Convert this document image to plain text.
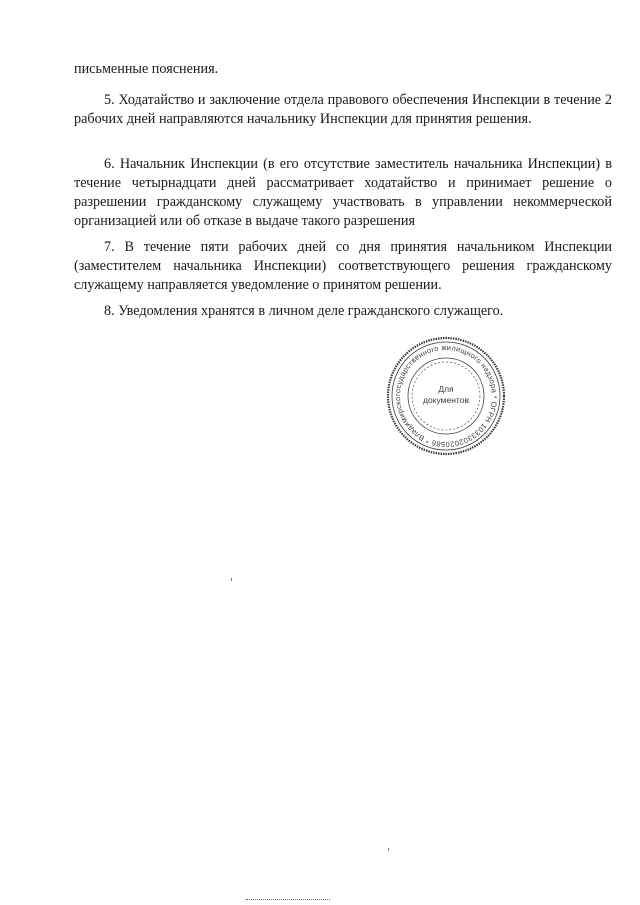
письменные пояснения.

5. Ходатайство и заключение отдела правового обеспечения Инспекции в течение 2 рабочих дней направляются начальнику Инспекции для принятия решения.

6. Начальник Инспекции (в его отсутствие заместитель начальника Инспекции) в течение четырнадцати дней рассматривает ходатайство и принимает решение о разрешении гражданскому служащему участвовать в управлении некоммерческой организацией или об отказе в выдаче такого разрешения

7. В течение пяти рабочих дней со дня принятия начальником Инспекции (заместителем начальника Инспекции) соответствующего решения гражданскому служащему направляется уведомление о принятом решении.

8. Уведомления хранятся в личном деле гражданского служащего.

государственного жилищного надзора * ОГРН 1033302020586 * Владимирско
Для
документов
